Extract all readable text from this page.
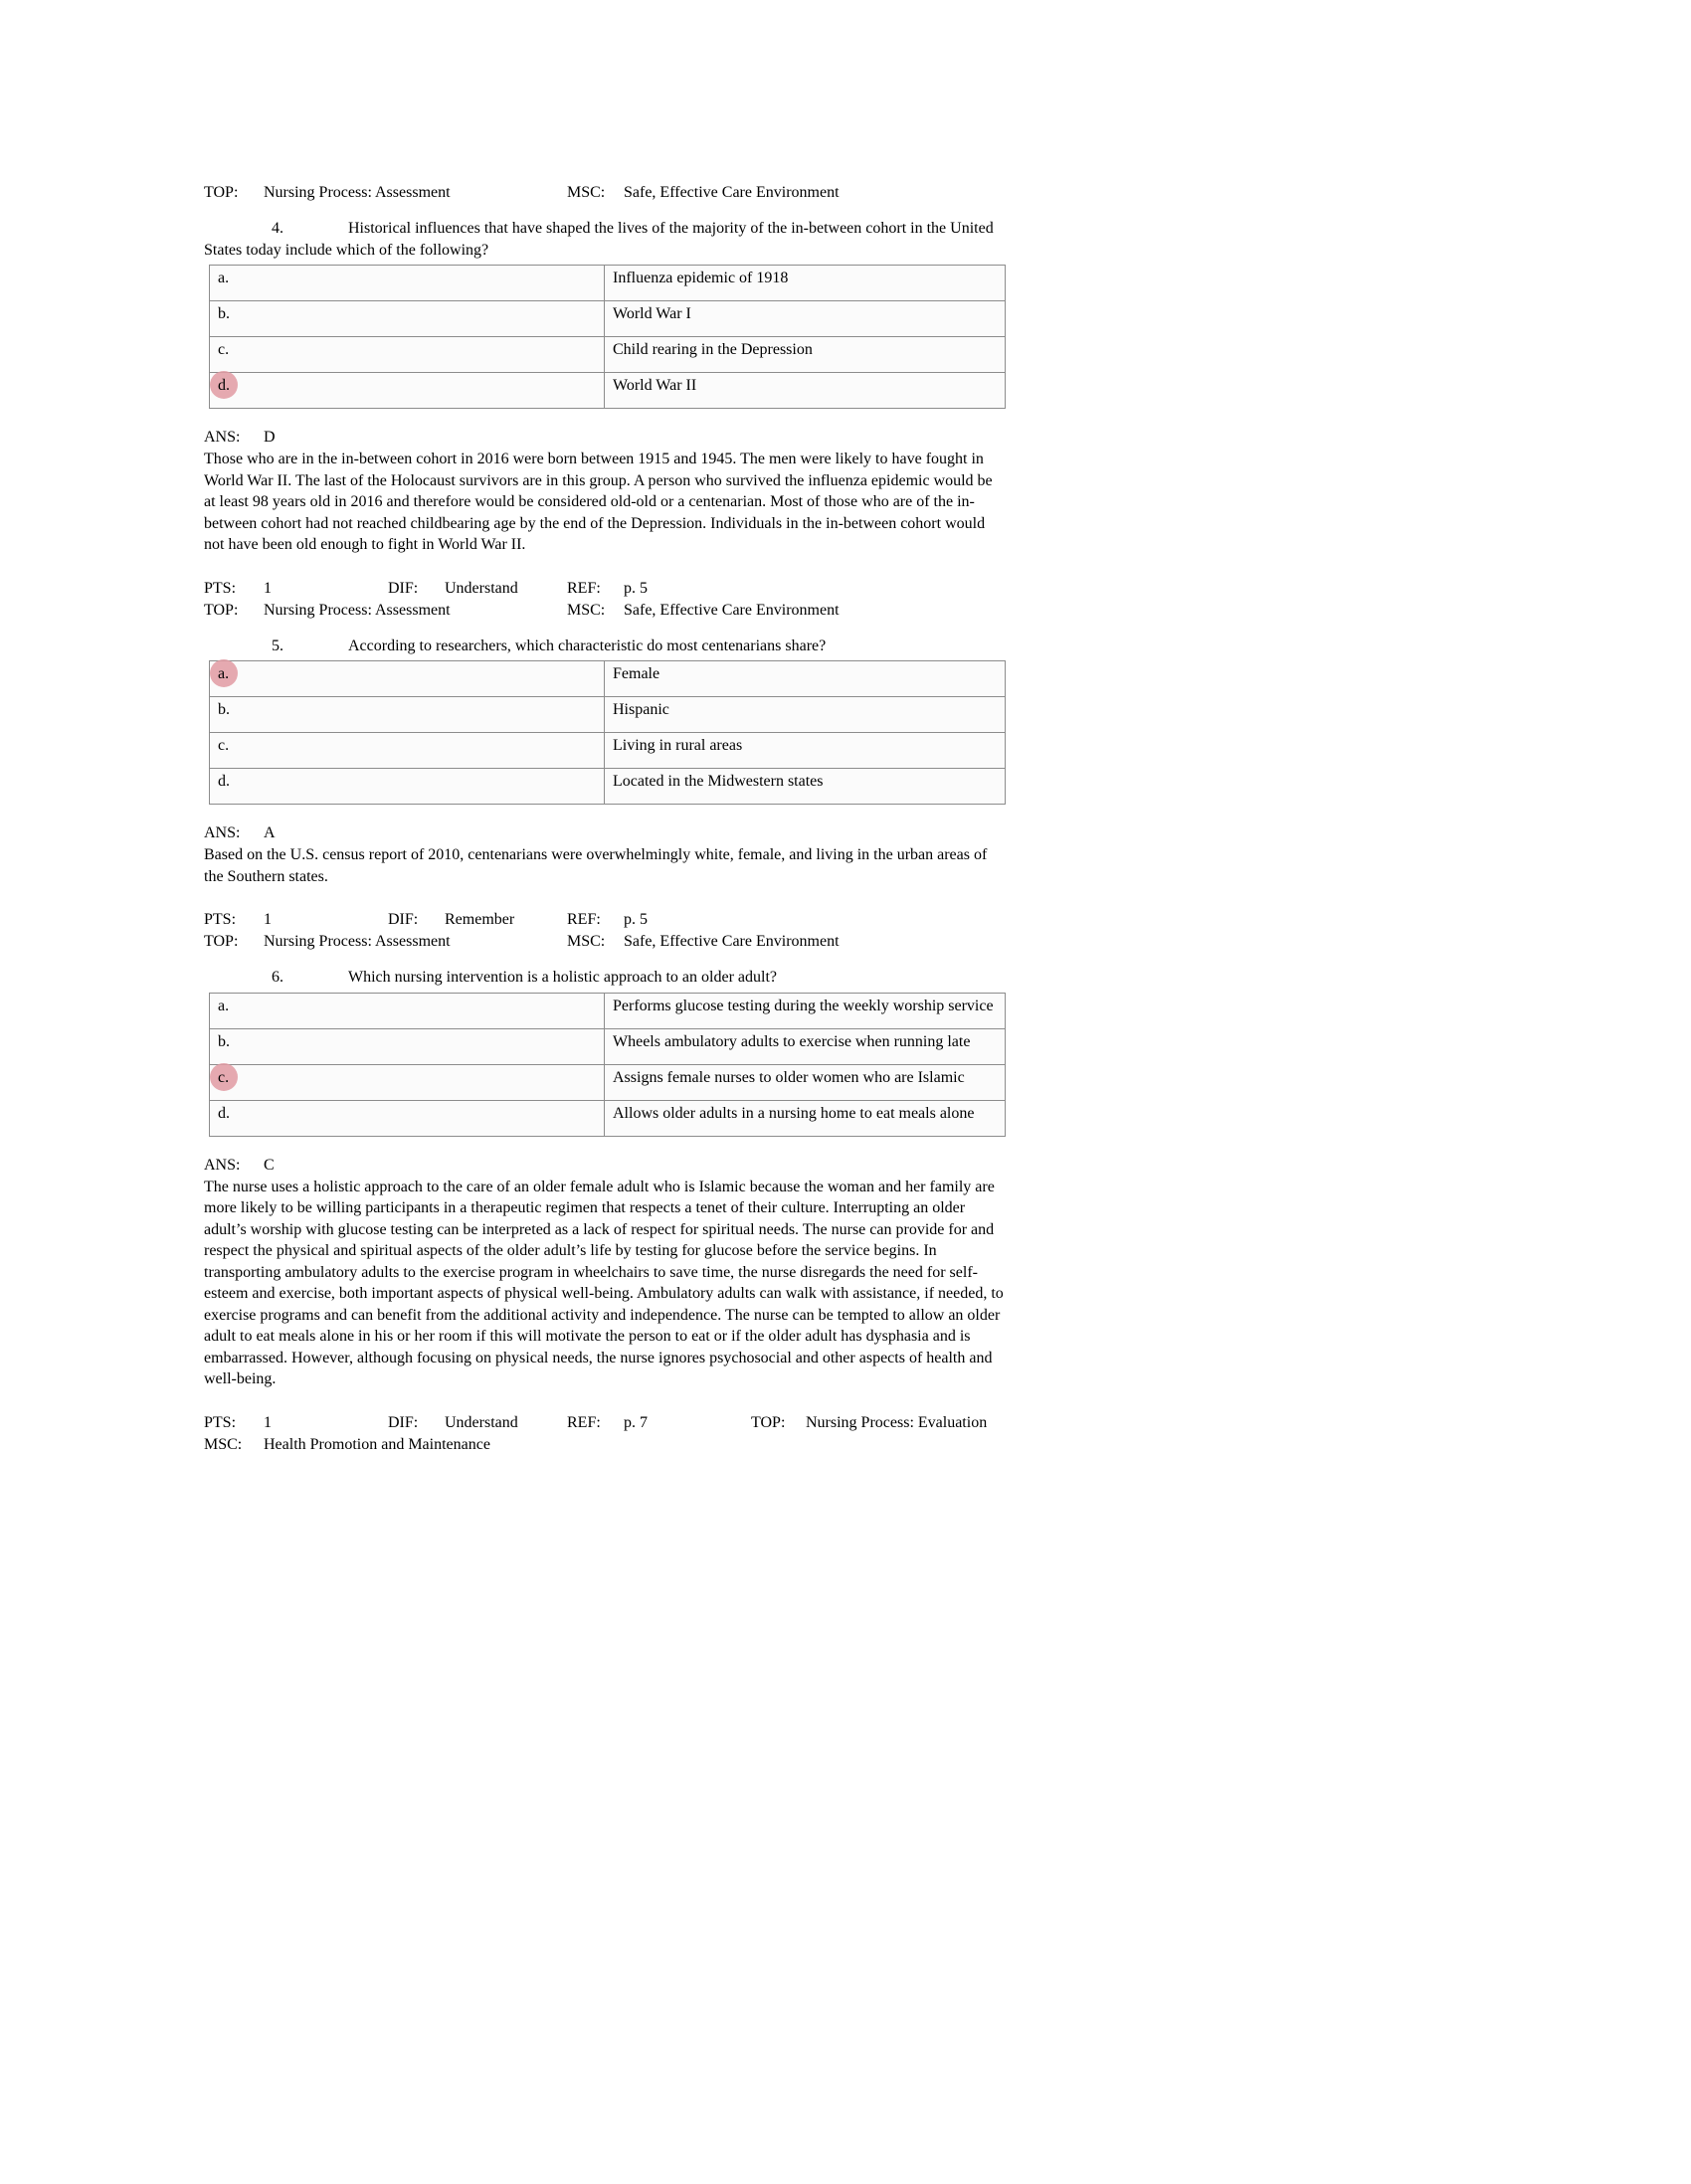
TOP: Nursing Process: Assessment	MSC: Safe, Effective Care Environment
4.	Historical influences that have shaped the lives of the majority of the in-between cohort in the United States today include which of the following?
a.	Influenza epidemic of 1918
b.	World War I
c.	Child rearing in the Depression
d.	World War II
ANS: D
Those who are in the in-between cohort in 2016 were born between 1915 and 1945. The men were likely to have fought in World War II. The last of the Holocaust survivors are in this group. A person who survived the influenza epidemic would be at least 98 years old in 2016 and therefore would be considered old-old or a centenarian. Most of those who are of the in-between cohort had not reached childbearing age by the end of the Depression. Individuals in the in-between cohort would not have been old enough to fight in World War II.
PTS: 1	DIF: Understand	REF: p. 5
TOP: Nursing Process: Assessment	MSC: Safe, Effective Care Environment
5.	According to researchers, which characteristic do most centenarians share?
a.	Female
b.	Hispanic
c.	Living in rural areas
d.	Located in the Midwestern states
ANS: A
Based on the U.S. census report of 2010, centenarians were overwhelmingly white, female, and living in the urban areas of the Southern states.
PTS: 1	DIF: Remember	REF: p. 5
TOP: Nursing Process: Assessment	MSC: Safe, Effective Care Environment
6.	Which nursing intervention is a holistic approach to an older adult?
a.	Performs glucose testing during the weekly worship service
b.	Wheels ambulatory adults to exercise when running late
c.	Assigns female nurses to older women who are Islamic
d.	Allows older adults in a nursing home to eat meals alone
ANS: C
The nurse uses a holistic approach to the care of an older female adult who is Islamic because the woman and her family are more likely to be willing participants in a therapeutic regimen that respects a tenet of their culture. Interrupting an older adult’s worship with glucose testing can be interpreted as a lack of respect for spiritual needs. The nurse can provide for and respect the physical and spiritual aspects of the older adult’s life by testing for glucose before the service begins. In transporting ambulatory adults to the exercise program in wheelchairs to save time, the nurse disregards the need for self-esteem and exercise, both important aspects of physical well-being. Ambulatory adults can walk with assistance, if needed, to exercise programs and can benefit from the additional activity and independence. The nurse can be tempted to allow an older adult to eat meals alone in his or her room if this will motivate the person to eat or if the older adult has dysphasia and is embarrassed. However, although focusing on physical needs, the nurse ignores psychosocial and other aspects of health and well-being.
PTS: 1	DIF: Understand	REF: p. 7	TOP: Nursing Process: Evaluation
MSC: Health Promotion and Maintenance
